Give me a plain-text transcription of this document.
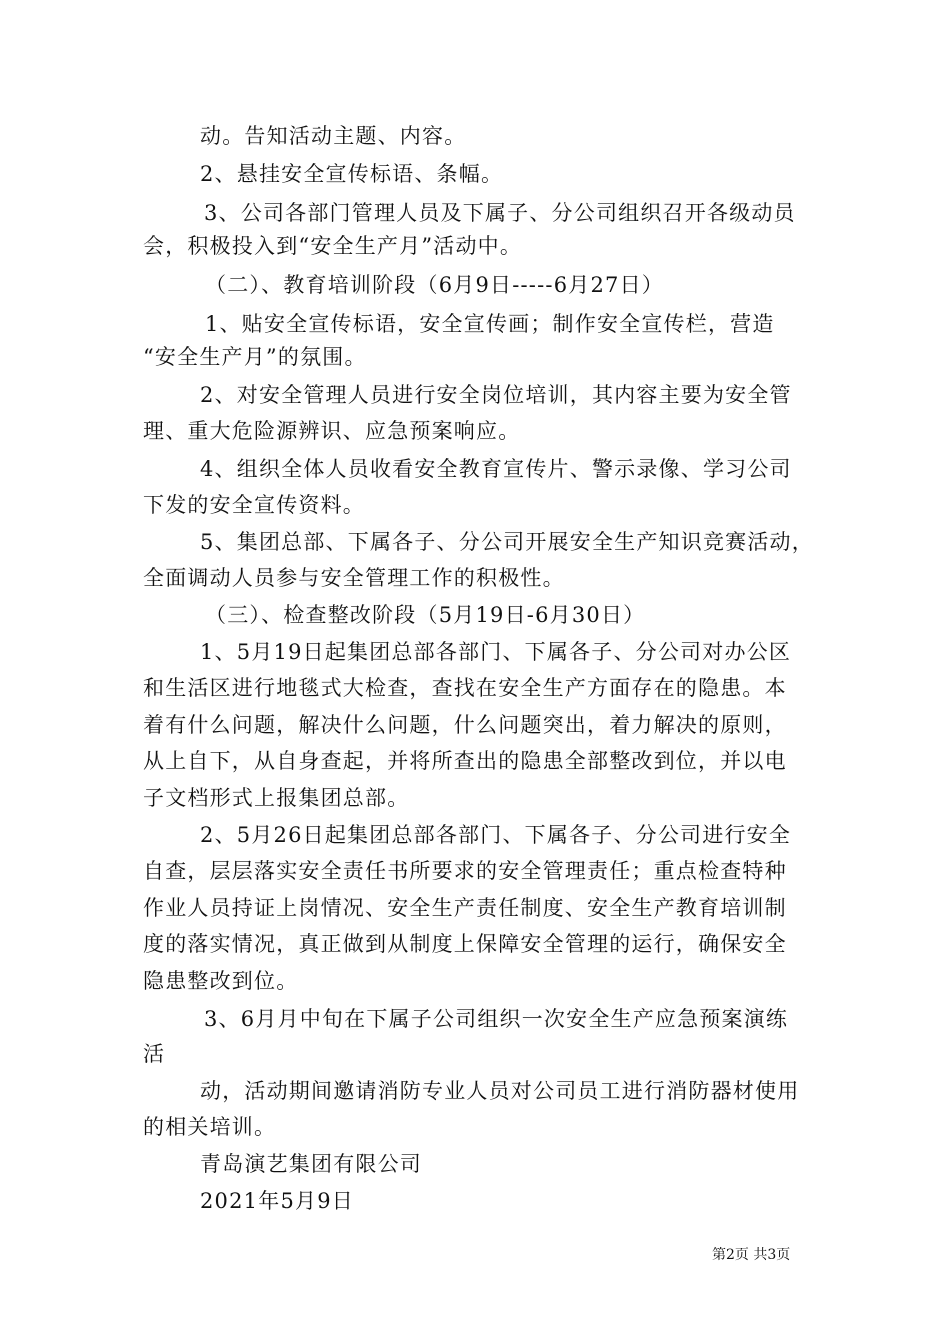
动。告知活动主题、内容。
2、悬挂安全宣传标语、条幅。
3、公司各部门管理人员及下属子、分公司组织召开各级动员
会，积极投入到“安全生产月”活动中。
（二）、教育培训阶段（6月9日-----6月27日）
1、贴安全宣传标语，安全宣传画；制作安全宣传栏，营造
“安全生产月”的氛围。
2、对安全管理人员进行安全岗位培训，其内容主要为安全管
理、重大危险源辨识、应急预案响应。
4、组织全体人员收看安全教育宣传片、警示录像、学习公司
下发的安全宣传资料。
5、集团总部、下属各子、分公司开展安全生产知识竞赛活动，
全面调动人员参与安全管理工作的积极性。
（三）、检查整改阶段（5月19日-6月30日）
1、5月19日起集团总部各部门、下属各子、分公司对办公区
和生活区进行地毯式大检查，查找在安全生产方面存在的隐患。本
着有什么问题，解决什么问题，什么问题突出，着力解决的原则，
从上自下，从自身查起，并将所查出的隐患全部整改到位，并以电
子文档形式上报集团总部。
2、5月26日起集团总部各部门、下属各子、分公司进行安全
自查，层层落实安全责任书所要求的安全管理责任；重点检查特种
作业人员持证上岗情况、安全生产责任制度、安全生产教育培训制
度的落实情况，真正做到从制度上保障安全管理的运行，确保安全
隐患整改到位。
3、6月月中旬在下属子公司组织一次安全生产应急预案演练
活
动，活动期间邀请消防专业人员对公司员工进行消防器材使用
的相关培训。
青岛演艺集团有限公司
2021年5月9日
第2页 共3页
